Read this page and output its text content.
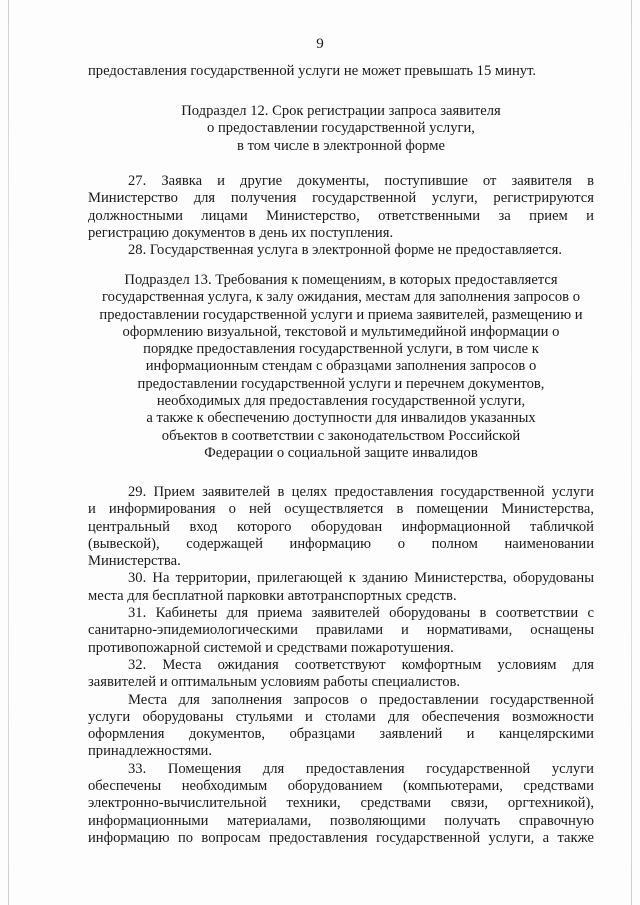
9
предоставления государственной услуги не может превышать 15 минут.
Подраздел 12. Срок регистрации запроса заявителя
о предоставлении государственной услуги,
в том числе в электронной форме
27. Заявка и другие документы, поступившие от заявителя в
Министерство для получения государственной услуги, регистрируются
должностными лицами Министерство, ответственными за прием и
регистрацию документов в день их поступления.
28. Государственная услуга в электронной форме не предоставляется.
Подраздел 13. Требования к помещениям, в которых предоставляется
государственная услуга, к залу ожидания, местам для заполнения запросов о
предоставлении государственной услуги и приема заявителей, размещению и
оформлению визуальной, текстовой и мультимедийной информации о
порядке предоставления государственной услуги, в том числе к
информационным стендам с образцами заполнения запросов о
предоставлении государственной услуги и перечнем документов,
необходимых для предоставления государственной услуги,
а также к обеспечению доступности для инвалидов указанных
объектов в соответствии с законодательством Российской
Федерации о социальной защите инвалидов
29. Прием заявителей в целях предоставления государственной услуги
и информирования о ней осуществляется в помещении Министерства,
центральный вход которого оборудован информационной табличкой
(вывеской), содержащей информацию о полном наименовании
Министерства.
30. На территории, прилегающей к зданию Министерства, оборудованы
места для бесплатной парковки автотранспортных средств.
31. Кабинеты для приема заявителей оборудованы в соответствии с
санитарно-эпидемиологическими правилами и нормативами, оснащены
противопожарной системой и средствами пожаротушения.
32. Места ожидания соответствуют комфортным условиям для
заявителей и оптимальным условиям работы специалистов.
Места для заполнения запросов о предоставлении государственной
услуги оборудованы стульями и столами для обеспечения возможности
оформления документов, образцами заявлений и канцелярскими
принадлежностями.
33. Помещения для предоставления государственной услуги
обеспечены необходимым оборудованием (компьютерами, средствами
электронно-вычислительной техники, средствами связи, оргтехникой),
информационными материалами, позволяющими получать справочную
информацию по вопросам предоставления государственной услуги, а также
